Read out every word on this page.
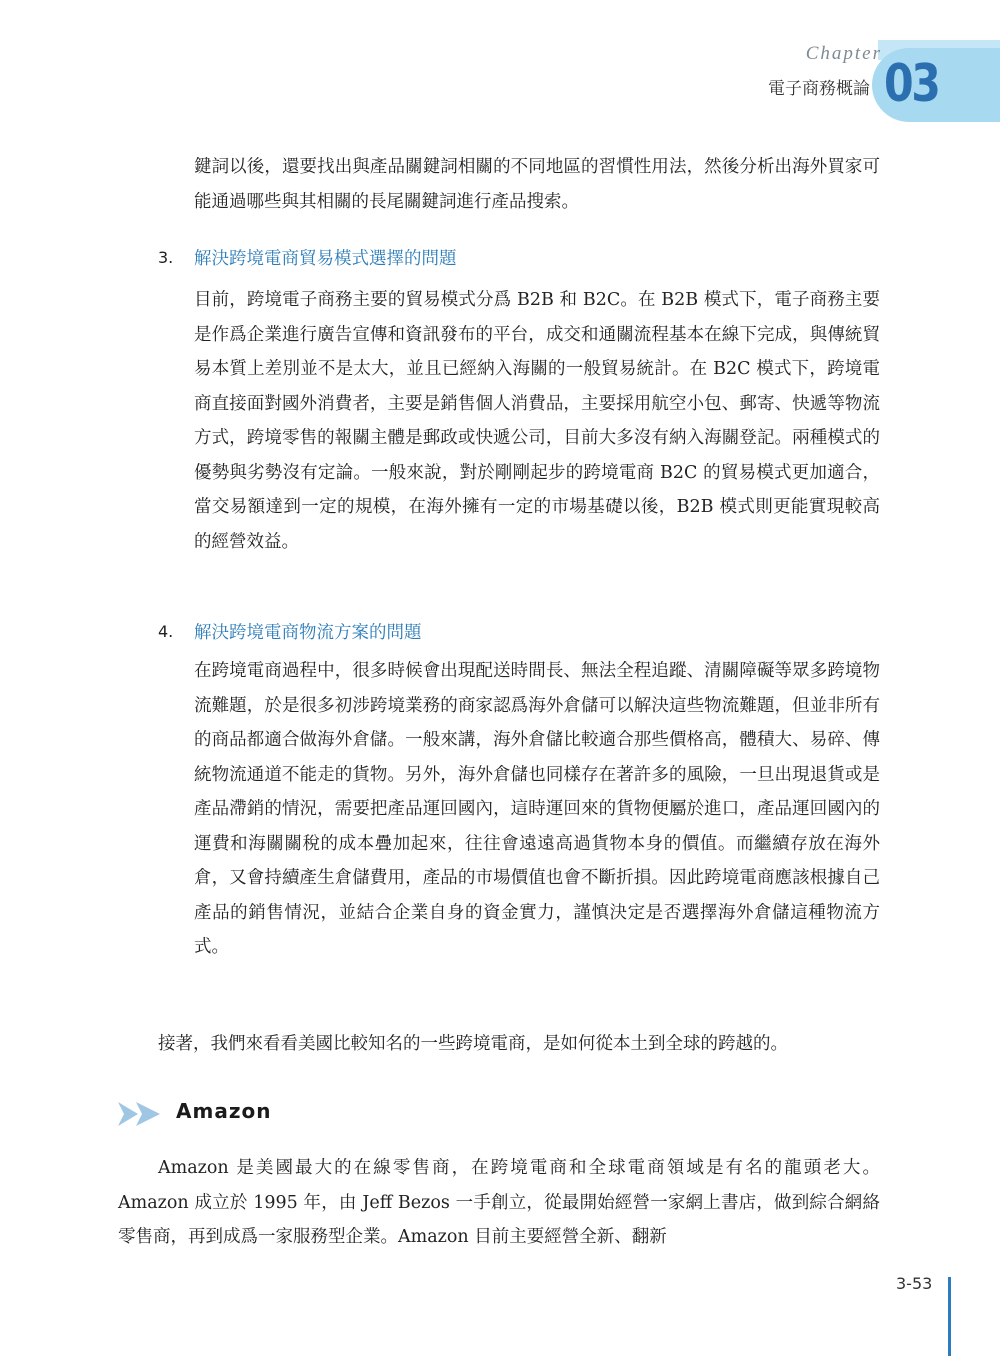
Chapter
電子商務概論 03

鍵詞以後，還要找出與產品關鍵詞相關的不同地區的習慣性用法，然後分析出海外買家可能通過哪些與其相關的長尾關鍵詞進行產品搜索。

3. 解決跨境電商貿易模式選擇的問題

目前，跨境電子商務主要的貿易模式分爲 B2B 和 B2C。在 B2B 模式下，電子商務主要是作爲企業進行廣告宣傳和資訊發布的平台，成交和通關流程基本在線下完成，與傳統貿易本質上差別並不是太大，並且已經納入海關的一般貿易統計。在 B2C 模式下，跨境電商直接面對國外消費者，主要是銷售個人消費品，主要採用航空小包、郵寄、快遞等物流方式，跨境零售的報關主體是郵政或快遞公司，目前大多沒有納入海關登記。兩種模式的優勢與劣勢沒有定論。一般來說，對於剛剛起步的跨境電商 B2C 的貿易模式更加適合，當交易額達到一定的規模，在海外擁有一定的市場基礎以後，B2B 模式則更能實現較高的經營效益。

4. 解決跨境電商物流方案的問題

在跨境電商過程中，很多時候會出現配送時間長、無法全程追蹤、清關障礙等眾多跨境物流難題，於是很多初涉跨境業務的商家認爲海外倉儲可以解決這些物流難題，但並非所有的商品都適合做海外倉儲。一般來講，海外倉儲比較適合那些價格高，體積大、易碎、傳統物流通道不能走的貨物。另外，海外倉儲也同樣存在著許多的風險，一旦出現退貨或是產品滯銷的情況，需要把產品運回國內，這時運回來的貨物便屬於進口，產品運回國內的運費和海關關稅的成本疊加起來，往往會遠遠高過貨物本身的價值。而繼續存放在海外倉，又會持續產生倉儲費用，產品的市場價值也會不斷折損。因此跨境電商應該根據自己產品的銷售情況，並結合企業自身的資金實力，謹慎決定是否選擇海外倉儲這種物流方式。

接著，我們來看看美國比較知名的一些跨境電商，是如何從本土到全球的跨越的。

Amazon

Amazon 是美國最大的在線零售商，在跨境電商和全球電商領域是有名的龍頭老大。Amazon 成立於 1995 年，由 Jeff Bezos 一手創立，從最開始經營一家網上書店，做到綜合網絡零售商，再到成爲一家服務型企業。Amazon 目前主要經營全新、翻新

3-53
